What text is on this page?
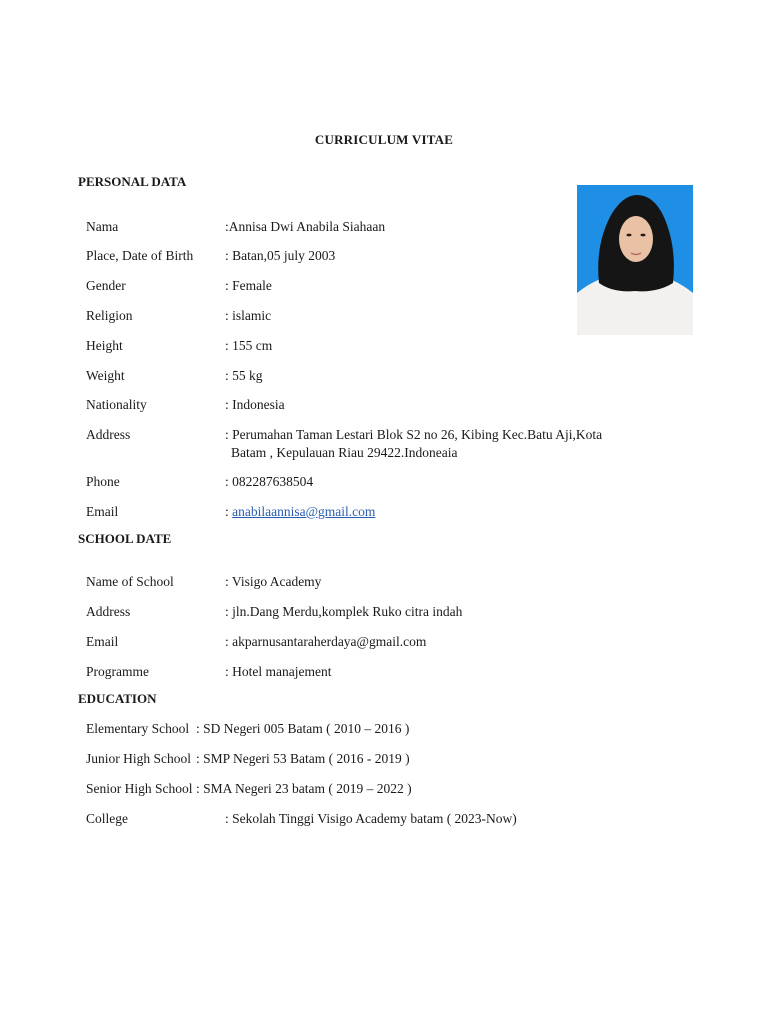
CURRICULUM VITAE
PERSONAL DATA
Nama	:Annisa Dwi Anabila Siahaan
Place, Date of Birth : Batan,05 july 2003
Gender	: Female
Religion	: islamic
Height	: 155 cm
Weight	: 55 kg
Nationality	: Indonesia
Address	: Perumahan Taman Lestari Blok S2 no 26, Kibing Kec.Batu Aji,Kota
Batam , Kepulauan Riau 29422.Indoneaia
Phone	: 082287638504
Email	: anabilaannisa@gmail.com
SCHOOL DATE
Name of School	: Visigo Academy
Address	: jln.Dang Merdu,komplek Ruko citra indah
Email	: akparnusantaraherdaya@gmail.com
Programme	: Hotel manajement
EDUCATION
Elementary School : SD Negeri 005 Batam ( 2010 – 2016 )
Junior High School : SMP Negeri 53 Batam ( 2016 - 2019 )
Senior High School : SMA Negeri 23 batam ( 2019 – 2022 )
College	: Sekolah Tinggi Visigo Academy batam ( 2023-Now)
